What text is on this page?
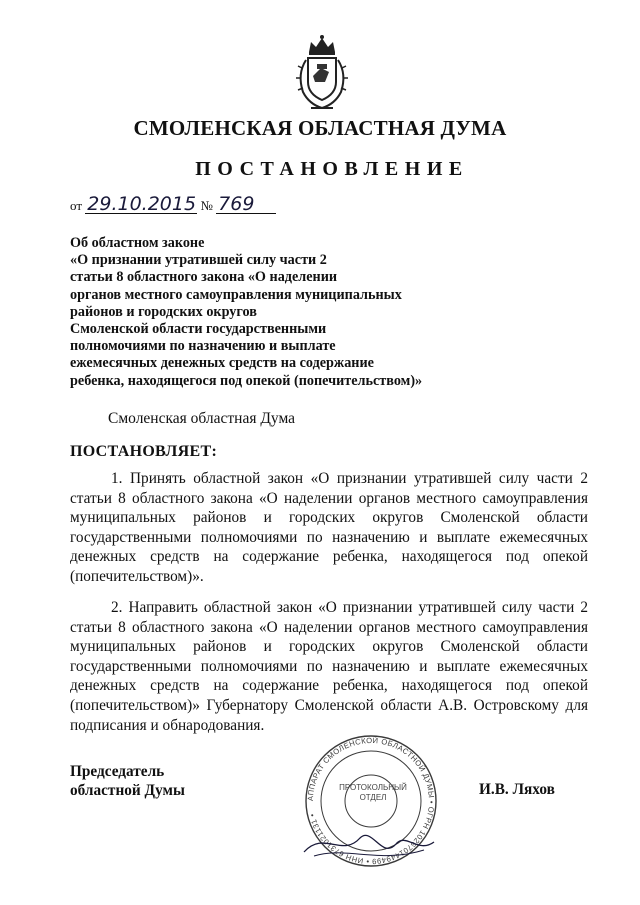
СМОЛЕНСКАЯ ОБЛАСТНАЯ ДУМА
ПОСТАНОВЛЕНИЕ
от 29.10.2015 № 769
Об областном законе
«О признании утратившей силу части 2
статьи 8 областного закона «О наделении
органов местного самоуправления муниципальных
районов и городских округов
Смоленской области государственными
полномочиями по назначению и выплате
ежемесячных денежных средств на содержание
ребенка, находящегося под опекой (попечительством)»
Смоленская областная Дума
ПОСТАНОВЛЯЕТ:
1. Принять областной закон «О признании утратившей силу части 2 статьи 8 областного закона «О наделении органов местного самоуправления муниципальных районов и городских округов Смоленской области государственными полномочиями по назначению и выплате ежемесячных денежных средств на содержание ребенка, находящегося под опекой (попечительством)».
2. Направить областной закон «О признании утратившей силу части 2 статьи 8 областного закона «О наделении органов местного самоуправления муниципальных районов и городских округов Смоленской области государственными полномочиями по назначению и выплате ежемесячных денежных средств на содержание ребенка, находящегося под опекой (попечительством)» Губернатору Смоленской области А.В. Островскому для подписания и обнародования.
Председатель
областной Думы	И.В. Ляхов
АППАРАТ СМОЛЕНСКОЙ ОБЛАСТНОЙ ДУМЫ • ОГРН 1026701449499 • ИНН 6731021131 •
ПРОТОКОЛЬНЫЙ
ОТДЕЛ
